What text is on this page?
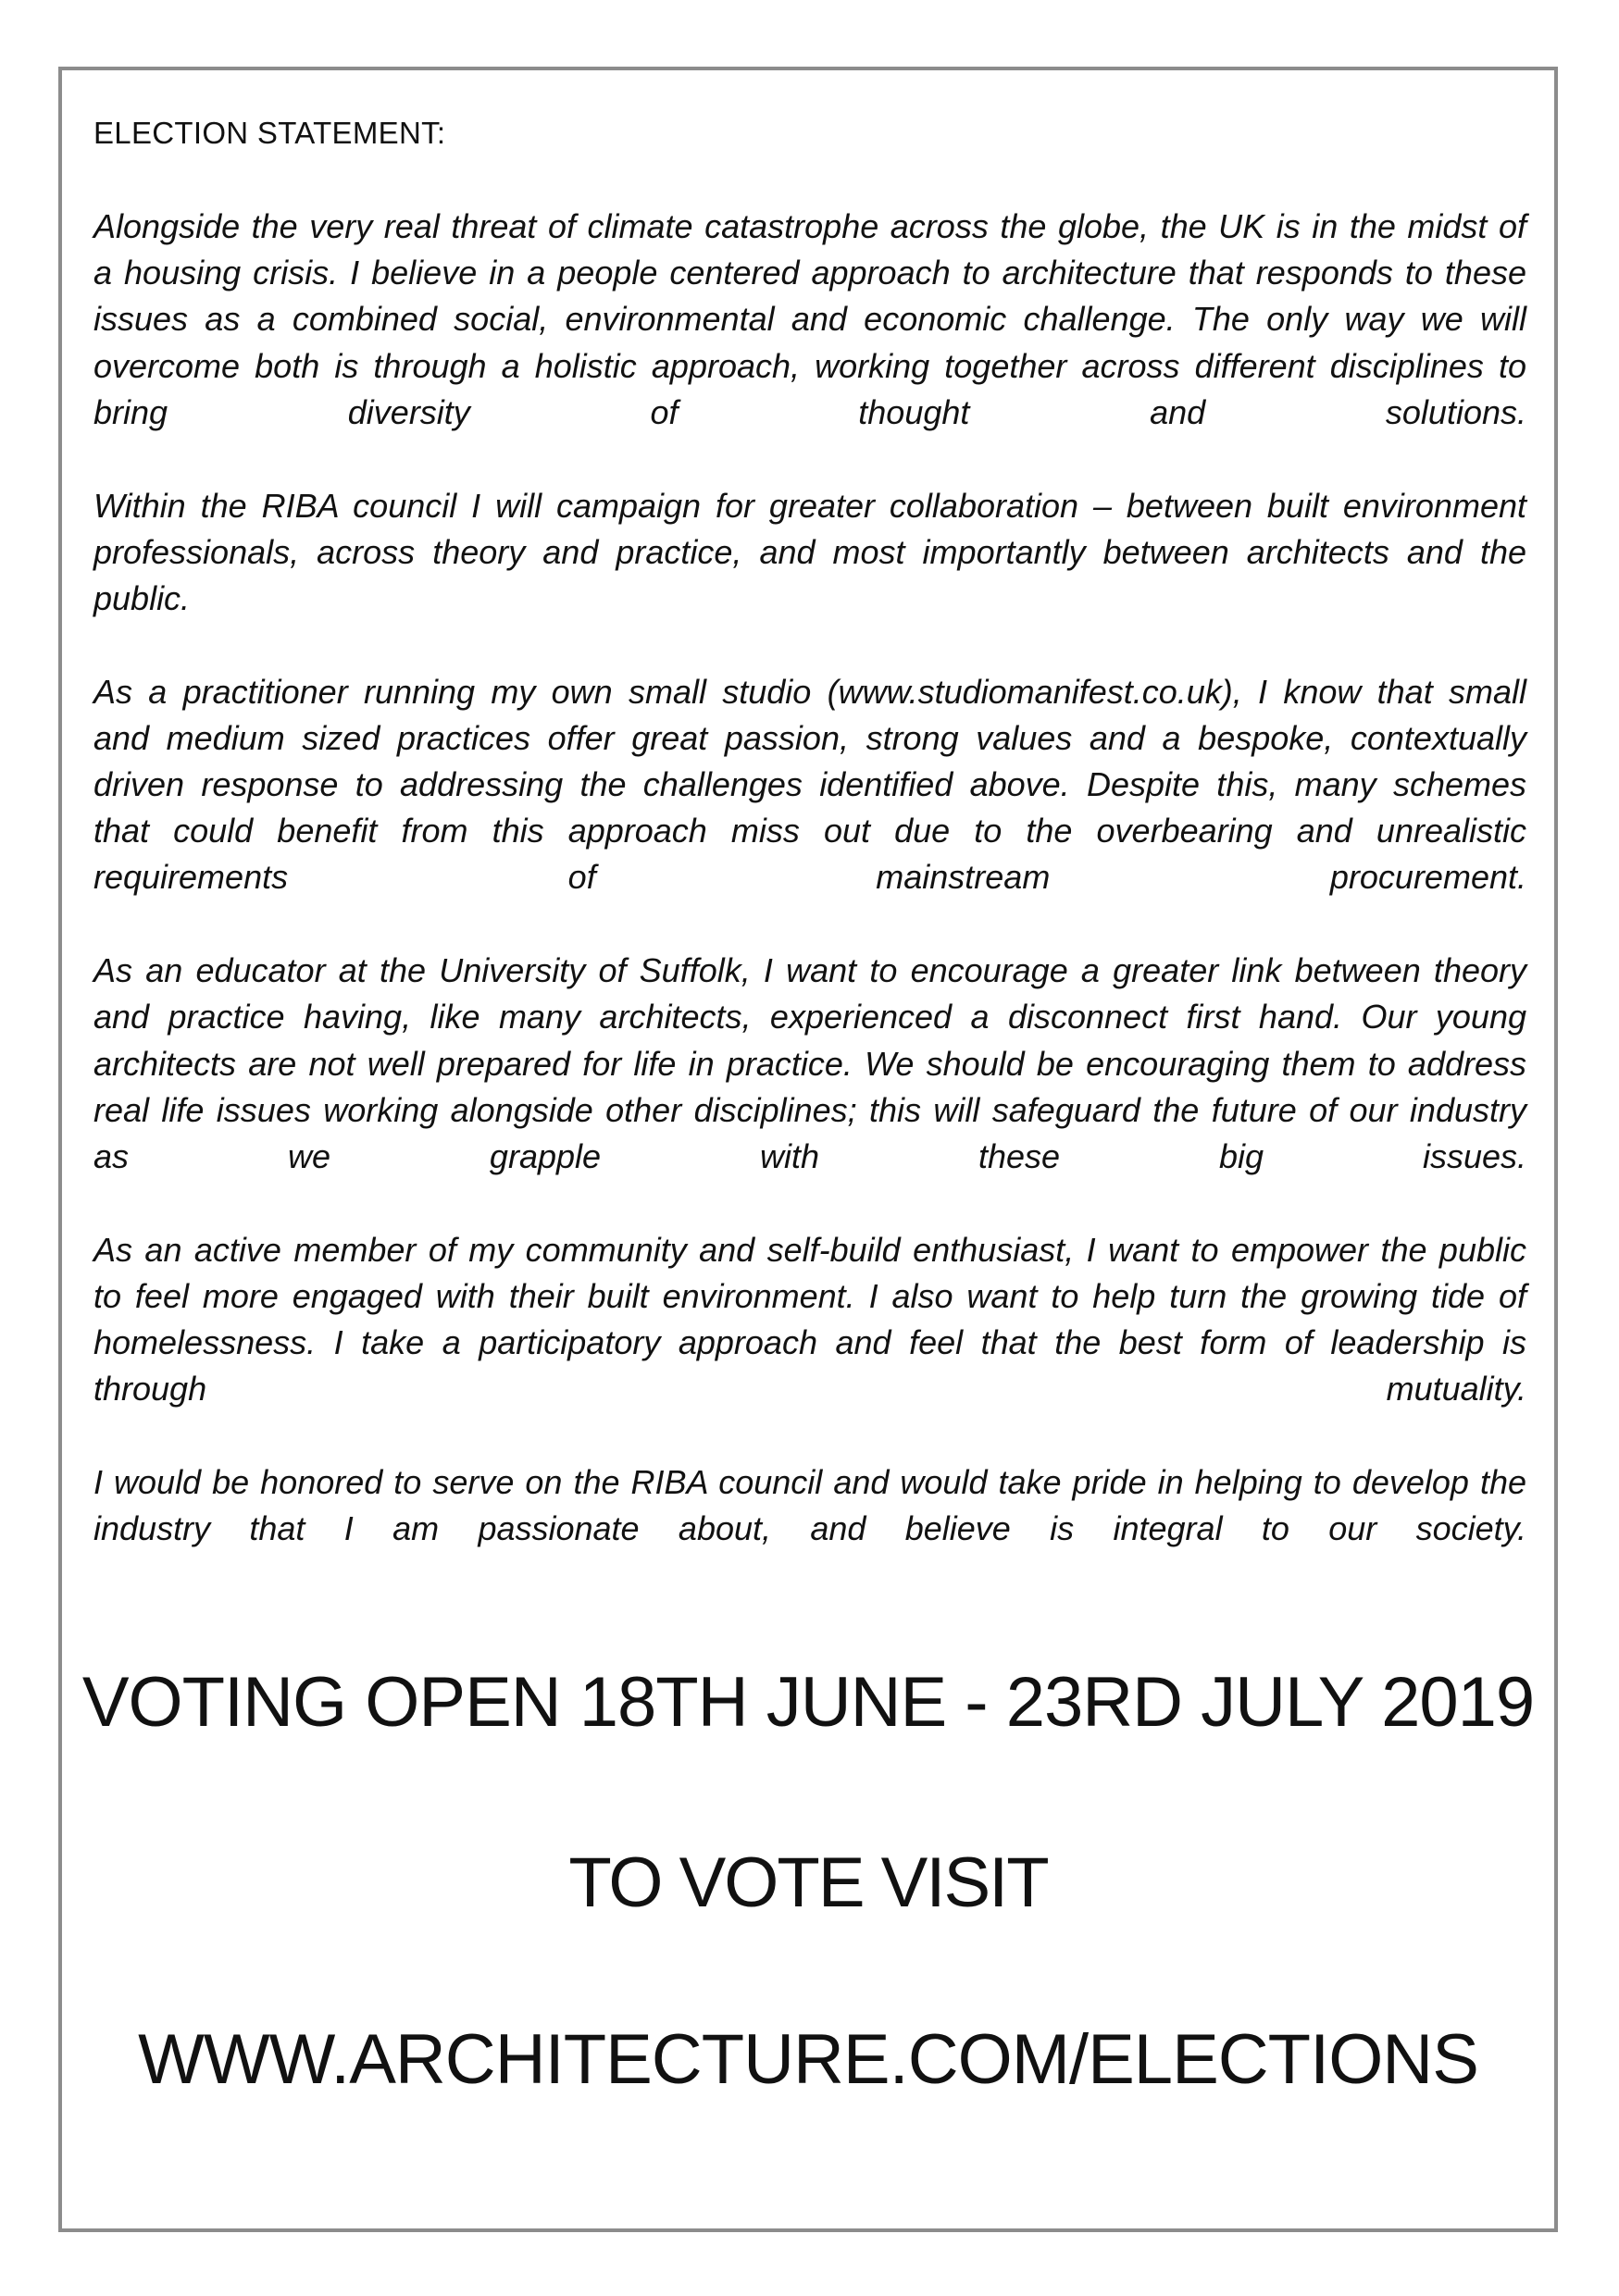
ELECTION STATEMENT:

Alongside the very real threat of climate catastrophe across the globe, the UK is in the midst of a housing crisis. I believe in a people centered approach to architecture that responds to these issues as a combined social, environmental and economic challenge. The only way we will overcome both is through a holistic approach, working together across different disciplines to bring diversity of thought and solutions.

Within the RIBA council I will campaign for greater collaboration – between built environment professionals, across theory and practice, and most importantly between architects and the public.

As a practitioner running my own small studio (www.studiomanifest.co.uk), I know that small and medium sized practices offer great passion, strong values and a bespoke, contextually driven response to addressing the challenges identified above. Despite this, many schemes that could benefit from this approach miss out due to the overbearing and unrealistic requirements of mainstream procurement.

As an educator at the University of Suffolk, I want to encourage a greater link between theory and practice having, like many architects, experienced a disconnect first hand. Our young architects are not well prepared for life in practice. We should be encouraging them to address real life issues working alongside other disciplines; this will safeguard the future of our industry as we grapple with these big issues.

As an active member of my community and self-build enthusiast, I want to empower the public to feel more engaged with their built environment. I also want to help turn the growing tide of homelessness. I take a participatory approach and feel that the best form of leadership is through mutuality.

I would be honored to serve on the RIBA council and would take pride in helping to develop the industry that I am passionate about, and believe is integral to our society.

VOTING OPEN 18TH JUNE - 23RD JULY 2019
TO VOTE VISIT
WWW.ARCHITECTURE.COM/ELECTIONS
